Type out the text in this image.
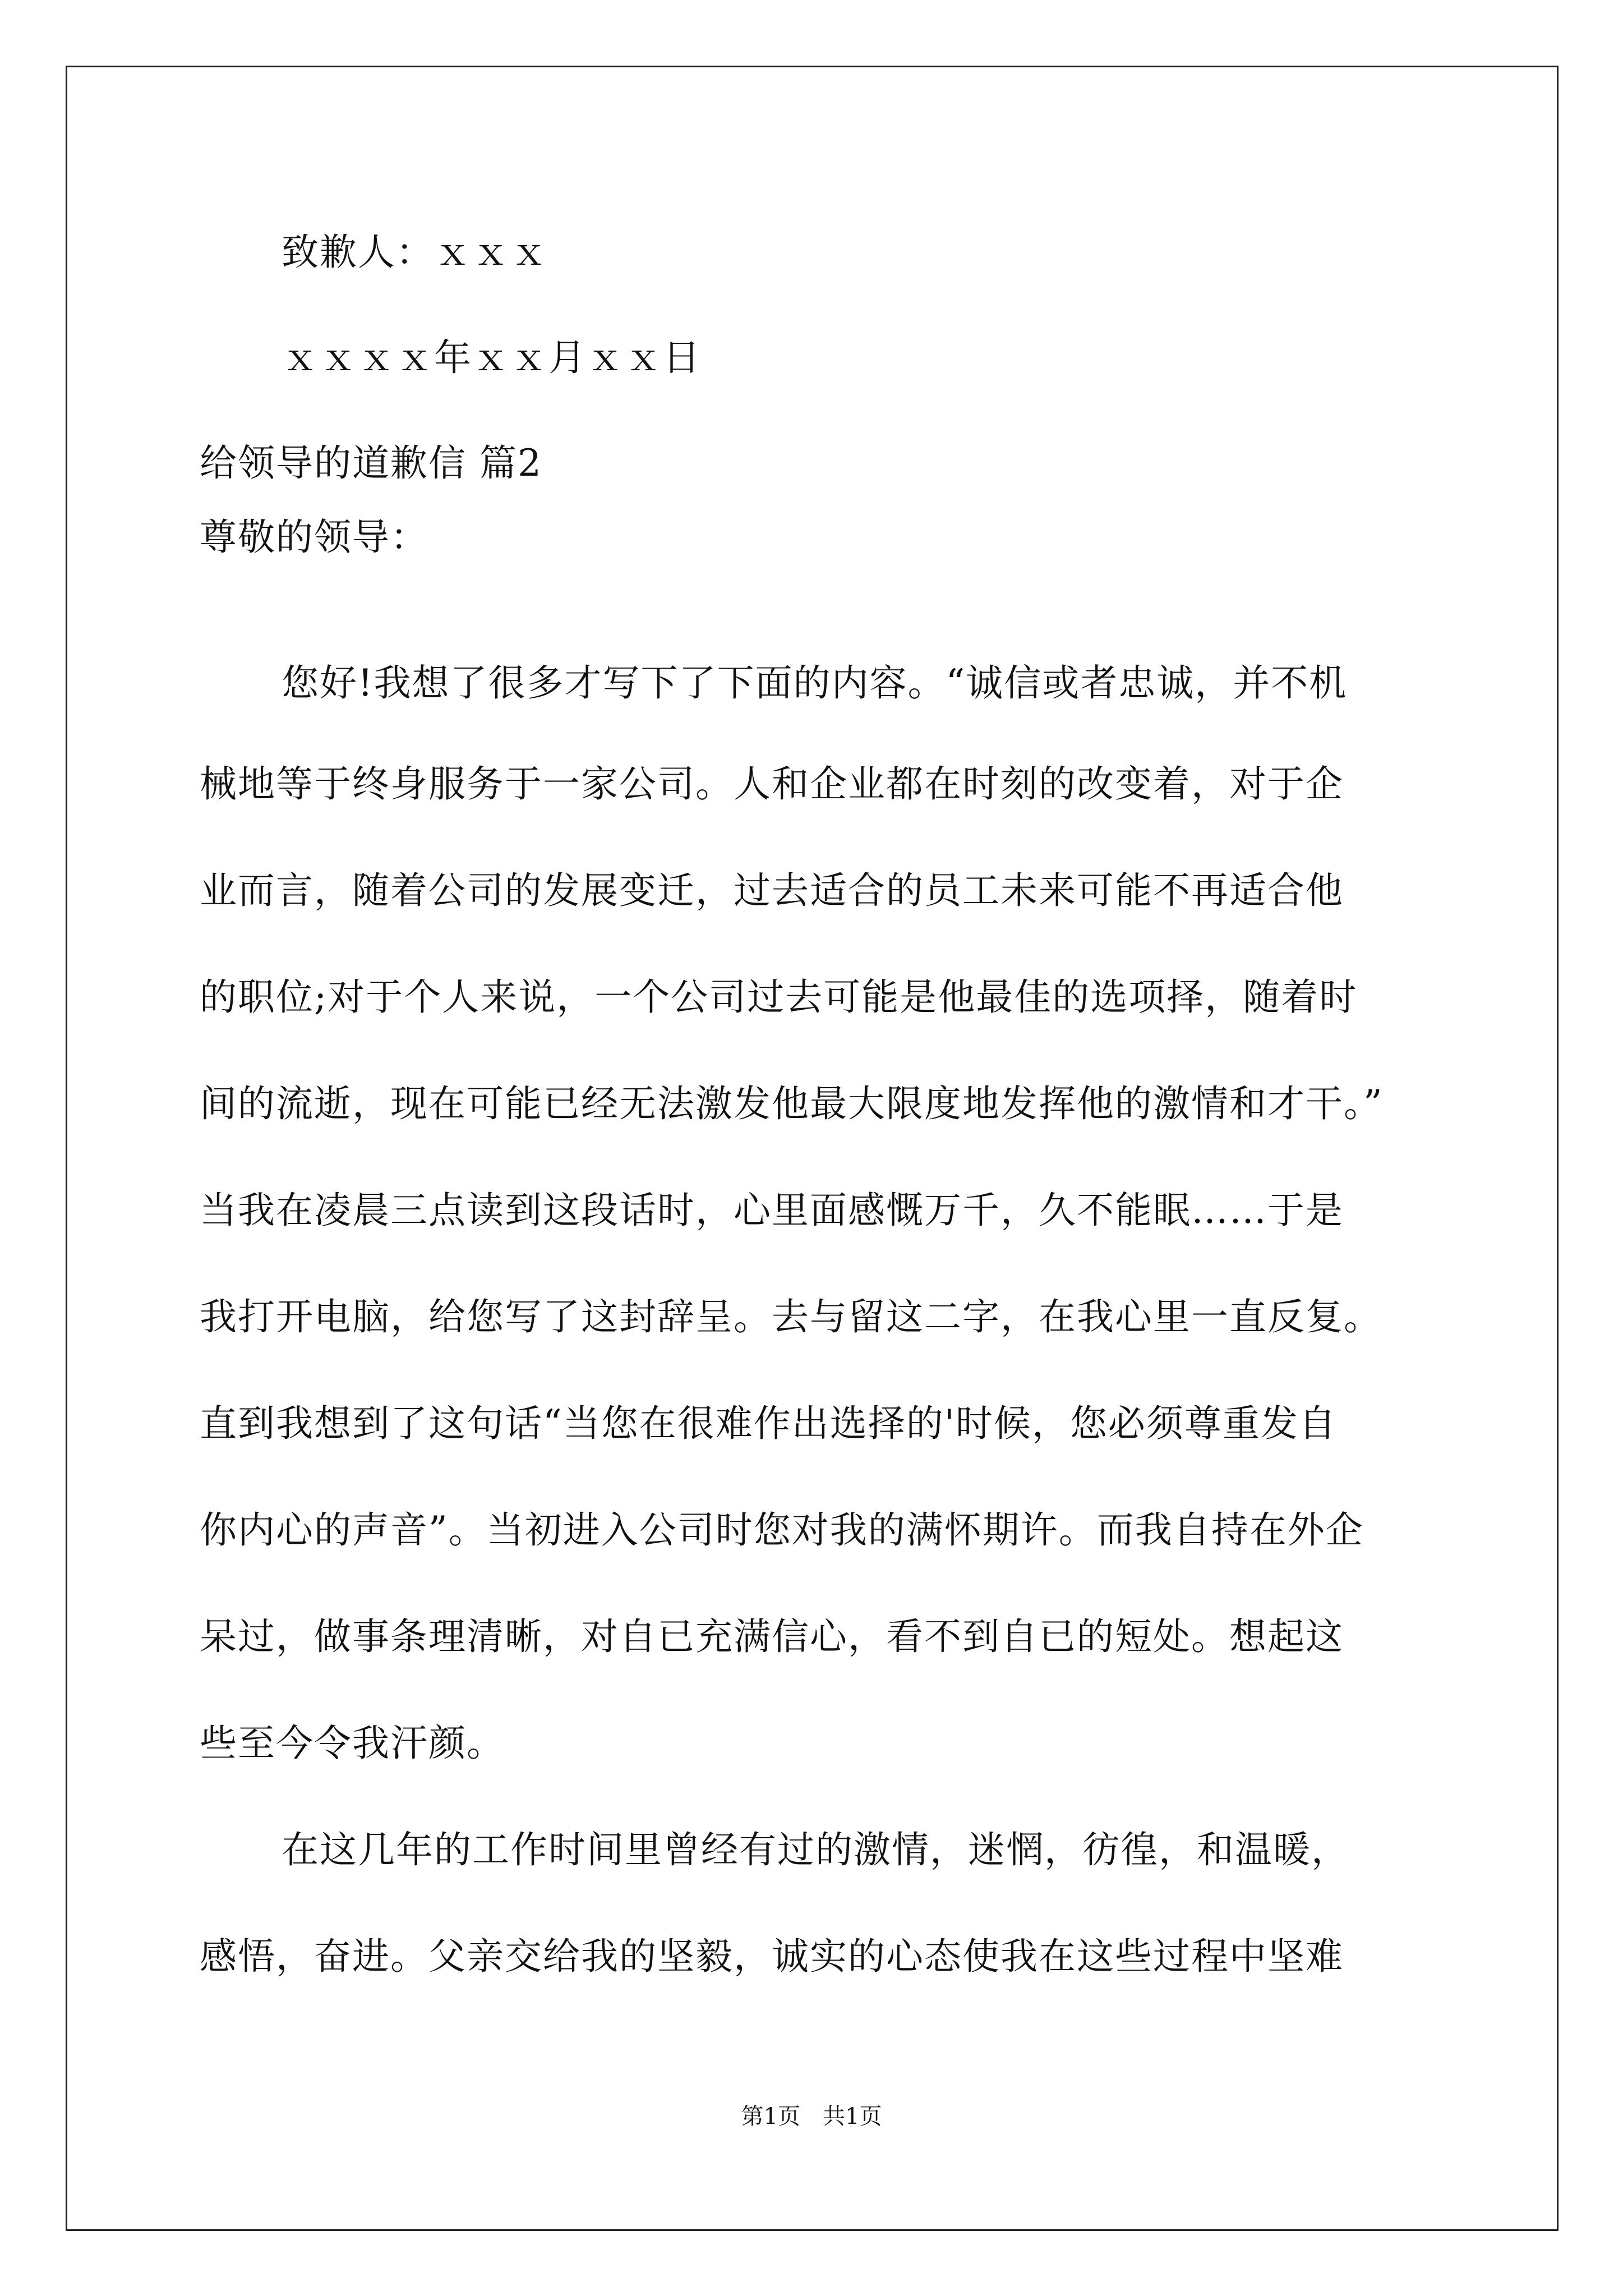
致歉人：ｘｘｘ
ｘｘｘｘ年ｘｘ月ｘｘ日
给领导的道歉信 篇2
尊敬的领导：
您好!我想了很多才写下了下面的内容。“诚信或者忠诚，并不机
械地等于终身服务于一家公司。人和企业都在时刻的改变着，对于企
业而言，随着公司的发展变迁，过去适合的员工未来可能不再适合他
的职位;对于个人来说，一个公司过去可能是他最佳的选项择，随着时
间的流逝，现在可能已经无法激发他最大限度地发挥他的激情和才干。”
当我在凌晨三点读到这段话时，心里面感慨万千，久不能眠……于是
我打开电脑，给您写了这封辞呈。去与留这二字，在我心里一直反复。
直到我想到了这句话“当您在很难作出选择的'时候，您必须尊重发自
你内心的声音”。当初进入公司时您对我的满怀期许。而我自持在外企
呆过，做事条理清晰，对自已充满信心，看不到自已的短处。想起这
些至今令我汗颜。
在这几年的工作时间里曾经有过的激情，迷惘，彷徨，和温暖，
感悟，奋进。父亲交给我的坚毅，诚实的心态使我在这些过程中坚难
第1页　共1页
